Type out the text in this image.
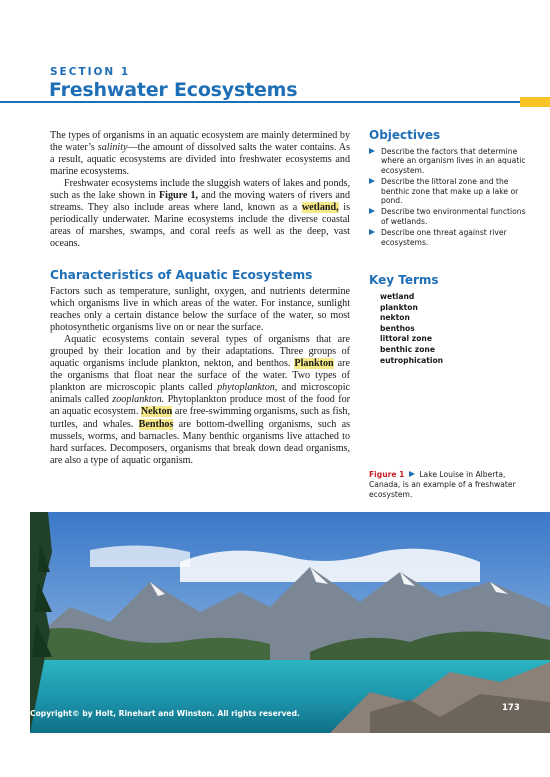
SECTION 1
Freshwater Ecosystems

The types of organisms in an aquatic ecosystem are mainly determined by the water’s salinity—the amount of dissolved salts the water contains. As a result, aquatic ecosystems are divided into freshwater ecosystems and marine ecosystems.

Freshwater ecosystems include the sluggish waters of lakes and ponds, such as the lake shown in Figure 1, and the moving waters of rivers and streams. They also include areas where land, known as a wetland, is periodically underwater. Marine ecosystems include the diverse coastal areas of marshes, swamps, and coral reefs as well as the deep, vast oceans.

Characteristics of Aquatic Ecosystems

Factors such as temperature, sunlight, oxygen, and nutrients determine which organisms live in which areas of the water. For instance, sunlight reaches only a certain distance below the surface of the water, so most photosynthetic organisms live on or near the surface.

Aquatic ecosystems contain several types of organisms that are grouped by their location and by their adaptations. Three groups of aquatic organisms include plankton, nekton, and benthos. Plankton are the organisms that float near the surface of the water. Two types of plankton are microscopic plants called phytoplankton, and microscopic animals called zooplankton. Phytoplankton produce most of the food for an aquatic ecosystem. Nekton are free-swimming organisms, such as fish, turtles, and whales. Benthos are bottom-dwelling organisms, such as mussels, worms, and barnacles. Many benthic organisms live attached to hard surfaces. Decomposers, organisms that break down dead organisms, are also a type of aquatic organism.

Objectives
Describe the factors that determine where an organism lives in an aquatic ecosystem.
Describe the littoral zone and the benthic zone that make up a lake or pond.
Describe two environmental functions of wetlands.
Describe one threat against river ecosystems.
Key Terms
wetland
plankton
nekton
benthos
littoral zone
benthic zone
eutrophication
Figure 1 Lake Louise in Alberta, Canada, is an example of a freshwater ecosystem.
Copyright© by Holt, Rinehart and Winston. All rights reserved.
173
